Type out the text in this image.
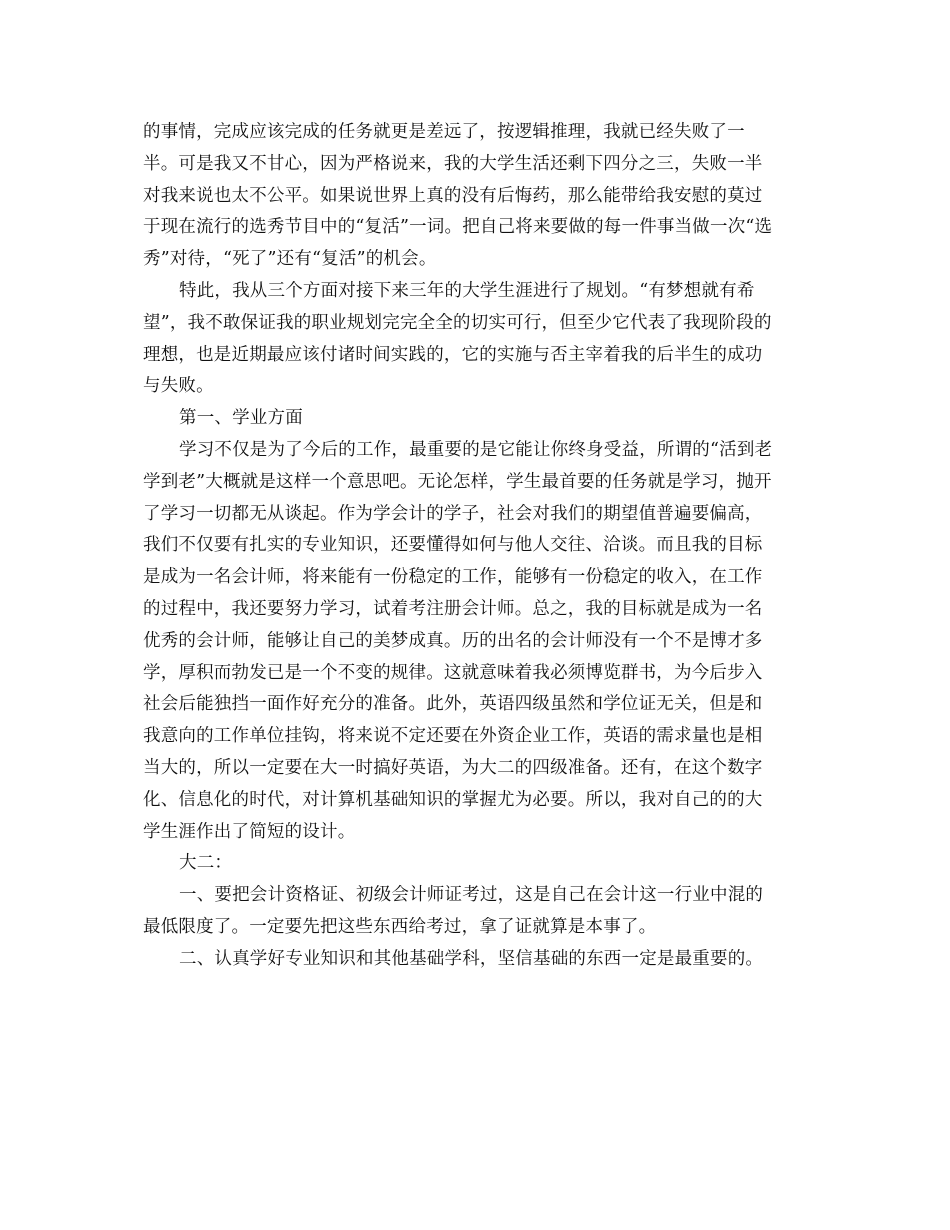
的事情，完成应该完成的任务就更是差远了，按逻辑推理，我就已经失败了一
半。可是我又不甘心，因为严格说来，我的大学生活还剩下四分之三，失败一半
对我来说也太不公平。如果说世界上真的没有后悔药，那么能带给我安慰的莫过
于现在流行的选秀节目中的“复活”一词。把自己将来要做的每一件事当做一次“选
秀”对待，“死了”还有“复活”的机会。

特此，我从三个方面对接下来三年的大学生涯进行了规划。“有梦想就有希
望”，我不敢保证我的职业规划完完全全的切实可行，但至少它代表了我现阶段的
理想，也是近期最应该付诸时间实践的，它的实施与否主宰着我的后半生的成功
与失败。

第一、学业方面

学习不仅是为了今后的工作，最重要的是它能让你终身受益，所谓的“活到老
学到老”大概就是这样一个意思吧。无论怎样，学生最首要的任务就是学习，抛开
了学习一切都无从谈起。作为学会计的学子，社会对我们的期望值普遍要偏高，
我们不仅要有扎实的专业知识，还要懂得如何与他人交往、洽谈。而且我的目标
是成为一名会计师，将来能有一份稳定的工作，能够有一份稳定的收入，在工作
的过程中，我还要努力学习，试着考注册会计师。总之，我的目标就是成为一名
优秀的会计师，能够让自己的美梦成真。历的出名的会计师没有一个不是博才多
学，厚积而勃发已是一个不变的规律。这就意味着我必须博览群书，为今后步入
社会后能独挡一面作好充分的准备。此外，英语四级虽然和学位证无关，但是和
我意向的工作单位挂钩，将来说不定还要在外资企业工作，英语的需求量也是相
当大的，所以一定要在大一时搞好英语，为大二的四级准备。还有，在这个数字
化、信息化的时代，对计算机基础知识的掌握尤为必要。所以，我对自己的的大
学生涯作出了简短的设计。

大二：

一、要把会计资格证、初级会计师证考过，这是自己在会计这一行业中混的
最低限度了。一定要先把这些东西给考过，拿了证就算是本事了。

二、认真学好专业知识和其他基础学科，坚信基础的东西一定是最重要的。
